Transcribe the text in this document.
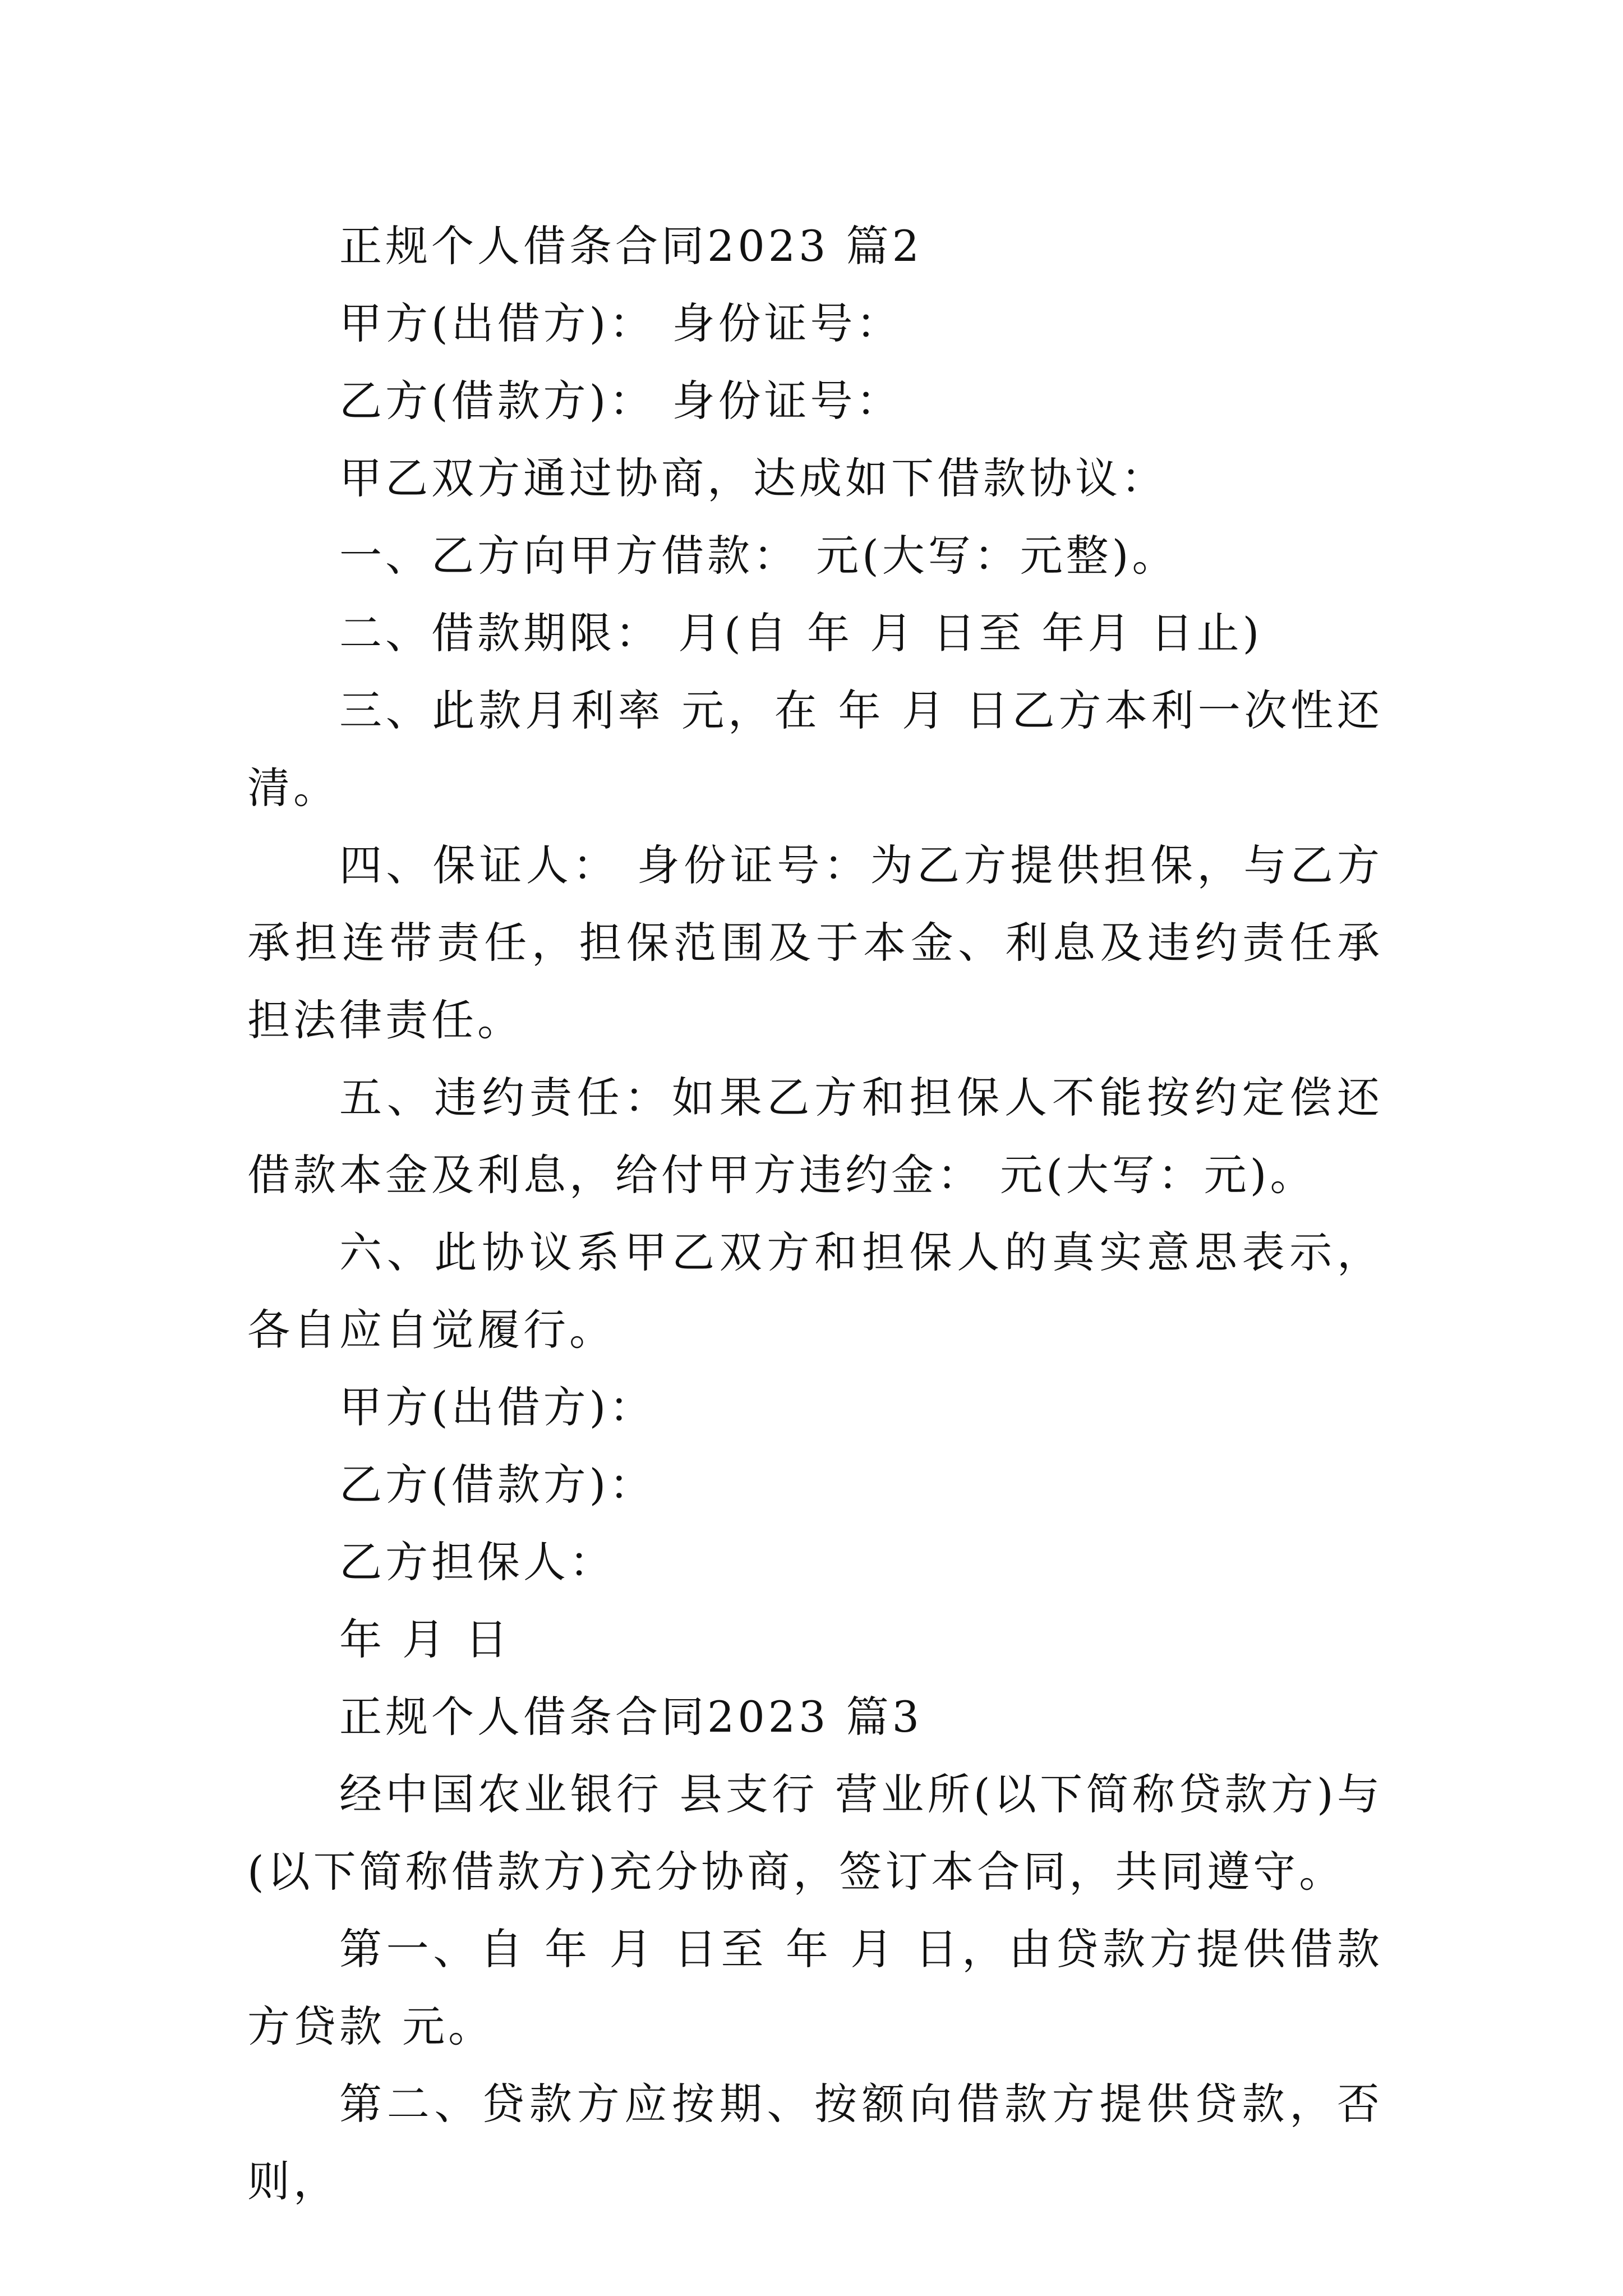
正规个人借条合同2023 篇2

甲方(出借方)： 身份证号：

乙方(借款方)： 身份证号：

甲乙双方通过协商，达成如下借款协议：

一、乙方向甲方借款： 元(大写：元整)。

二、借款期限： 月(自 年 月 日至 年月 日止)

三、此款月利率 元，在 年 月 日乙方本利一次性还清。

四、保证人： 身份证号：为乙方提供担保，与乙方承担连带责任，担保范围及于本金、利息及违约责任承担法律责任。

五、违约责任：如果乙方和担保人不能按约定偿还借款本金及利息，给付甲方违约金： 元(大写：元)。

六、此协议系甲乙双方和担保人的真实意思表示，各自应自觉履行。

甲方(出借方)：

乙方(借款方)：

乙方担保人：

年 月 日

正规个人借条合同2023 篇3

经中国农业银行 县支行 营业所(以下简称贷款方)与(以下简称借款方)充分协商，签订本合同，共同遵守。

第一、自 年 月 日至 年 月 日，由贷款方提供借款方贷款 元。

第二、贷款方应按期、按额向借款方提供贷款，否则，
